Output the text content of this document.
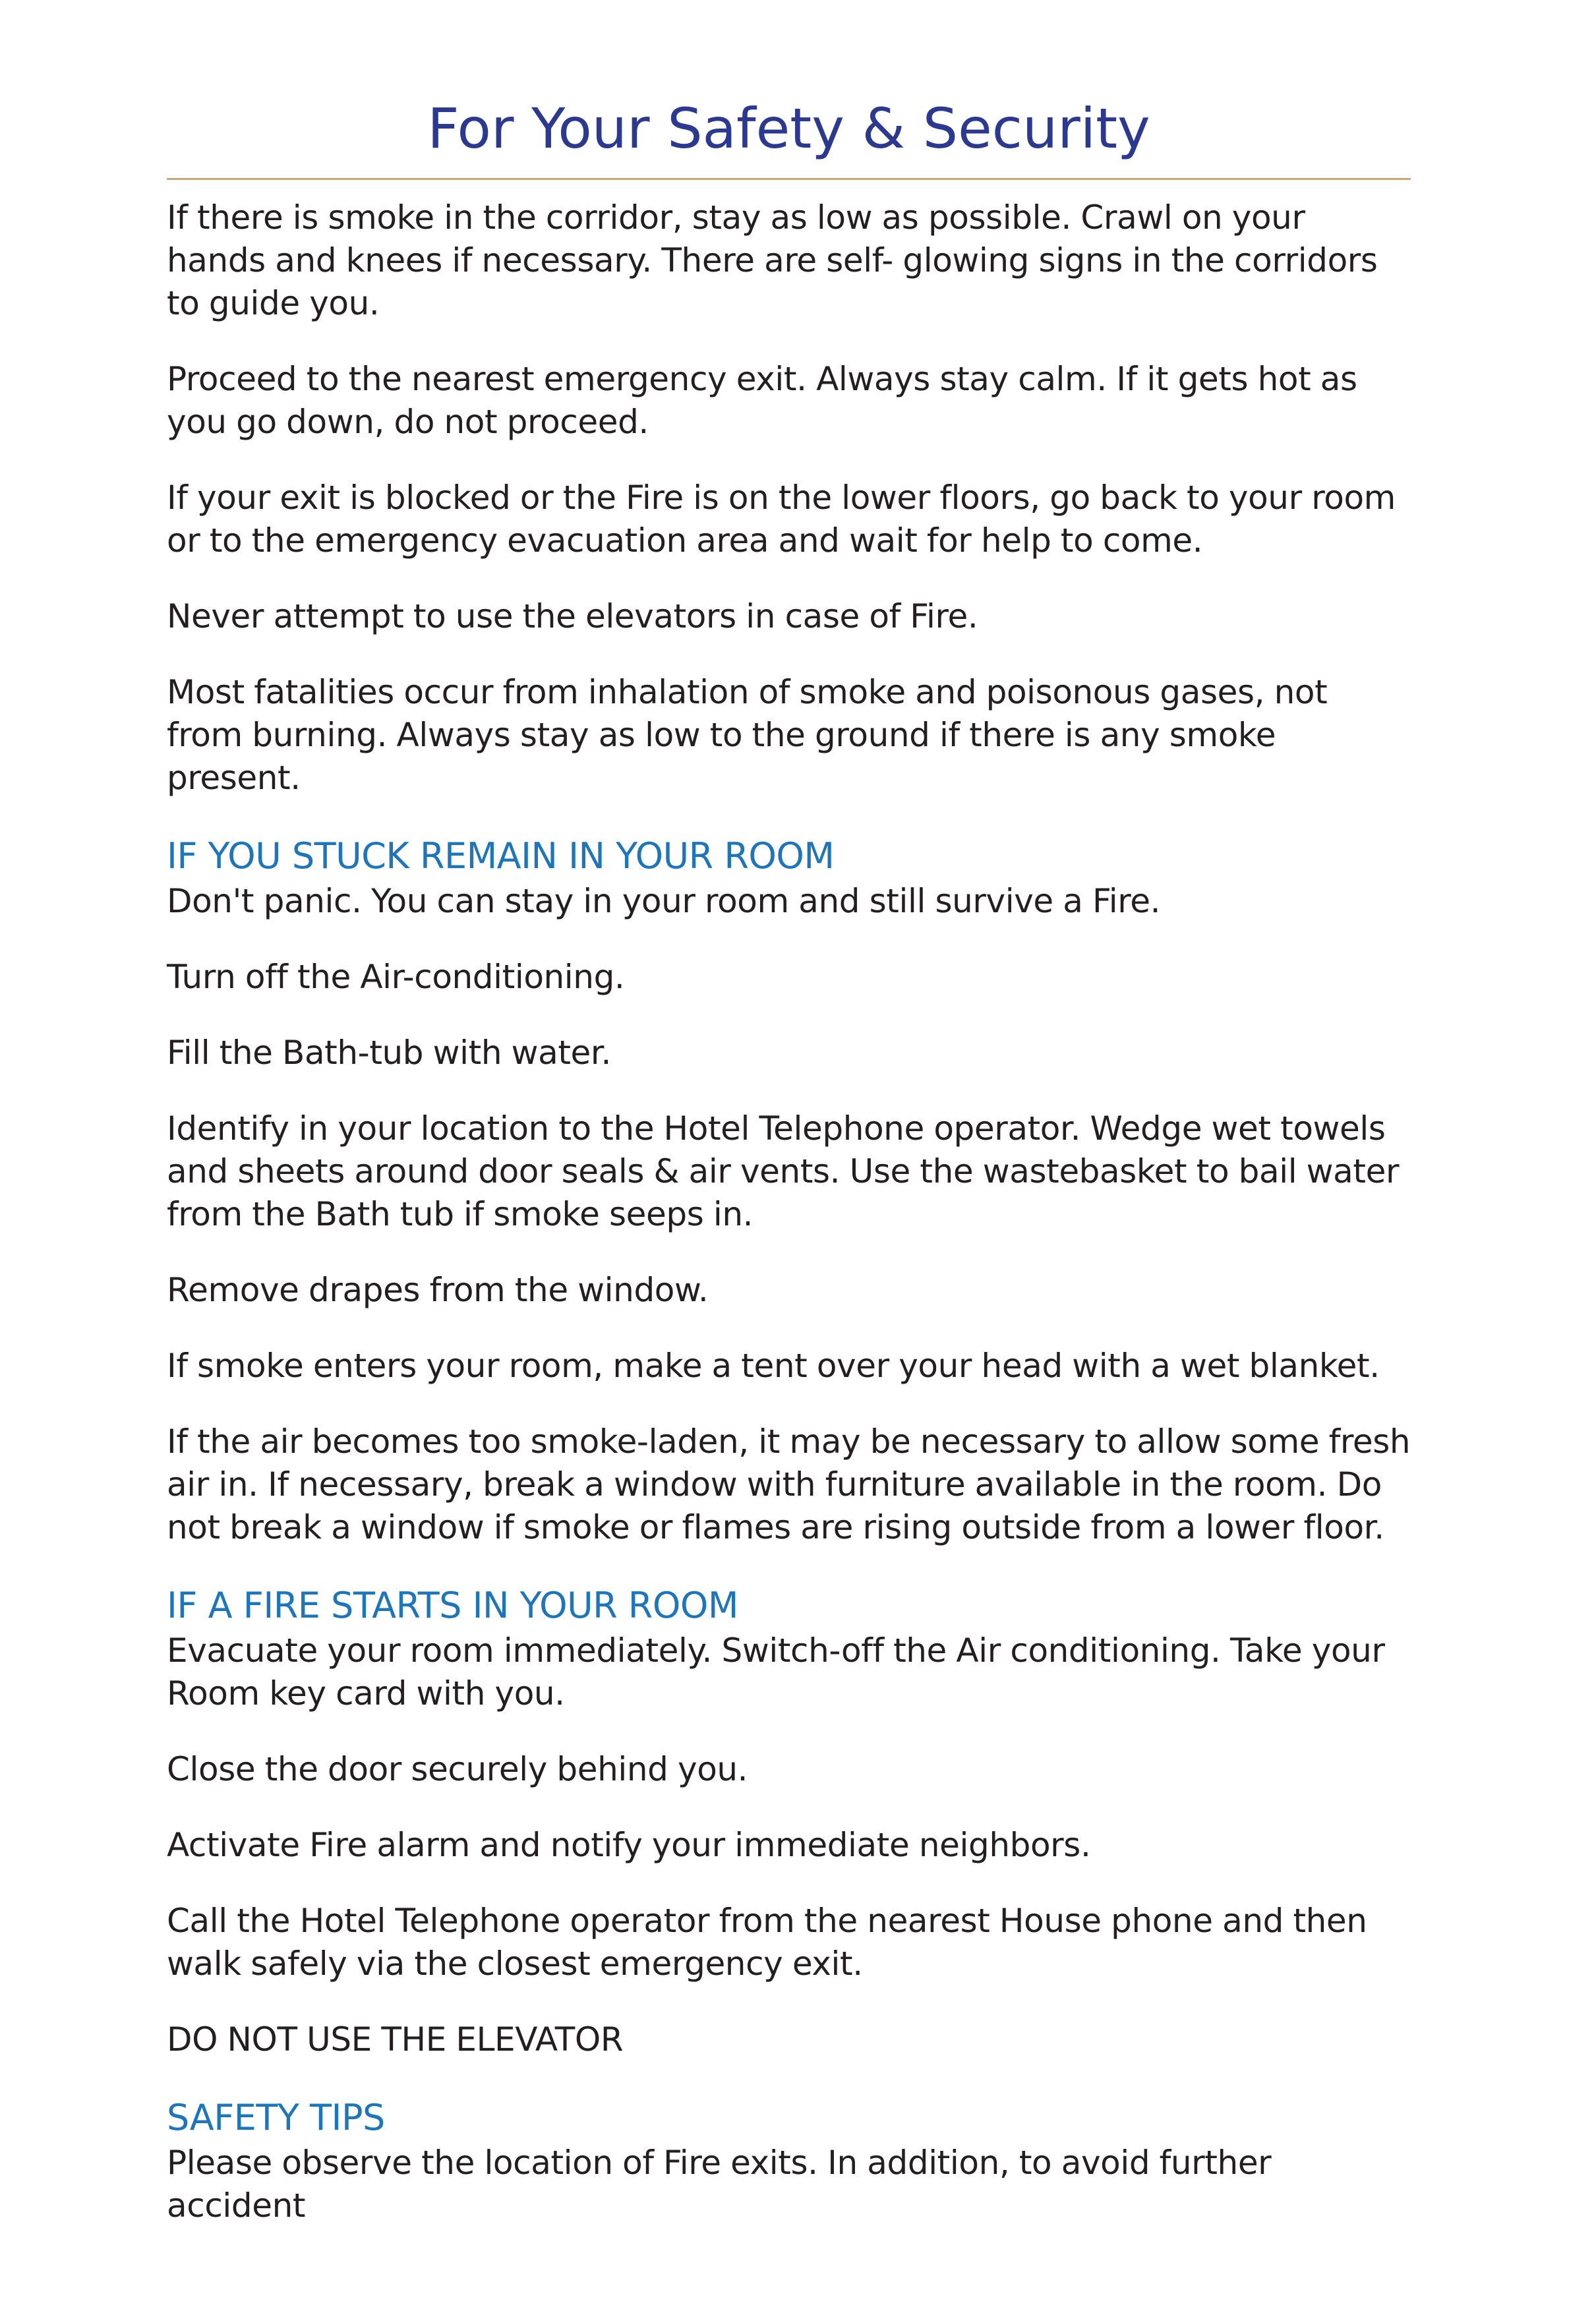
For Your Safety & Security

If there is smoke in the corridor, stay as low as possible. Crawl on your hands and knees if necessary. There are self- glowing signs in the corridors to guide you.

Proceed to the nearest emergency exit. Always stay calm. If it gets hot as you go down, do not proceed.

If your exit is blocked or the Fire is on the lower floors, go back to your room or to the emergency evacuation area and wait for help to come.

Never attempt to use the elevators in case of Fire.

Most fatalities occur from inhalation of smoke and poisonous gases, not from burning. Always stay as low to the ground if there is any smoke present.

IF YOU STUCK REMAIN IN YOUR ROOM

Don't panic. You can stay in your room and still survive a Fire.

Turn off the Air-conditioning.

Fill the Bath-tub with water.

Identify in your location to the Hotel Telephone operator. Wedge wet towels and sheets around door seals & air vents. Use the wastebasket to bail water from the Bath tub if smoke seeps in.

Remove drapes from the window.

If smoke enters your room, make a tent over your head with a wet blanket.

If the air becomes too smoke-laden, it may be necessary to allow some fresh air in. If necessary, break a window with furniture available in the room. Do not break a window if smoke or flames are rising outside from a lower floor.

IF A FIRE STARTS IN YOUR ROOM

Evacuate your room immediately. Switch-off the Air conditioning. Take your Room key card with you.

Close the door securely behind you.

Activate Fire alarm and notify your immediate neighbors.

Call the Hotel Telephone operator from the nearest House phone and then walk safely via the closest emergency exit.

DO NOT USE THE ELEVATOR

SAFETY TIPS

Please observe the location of Fire exits. In addition, to avoid further accident
